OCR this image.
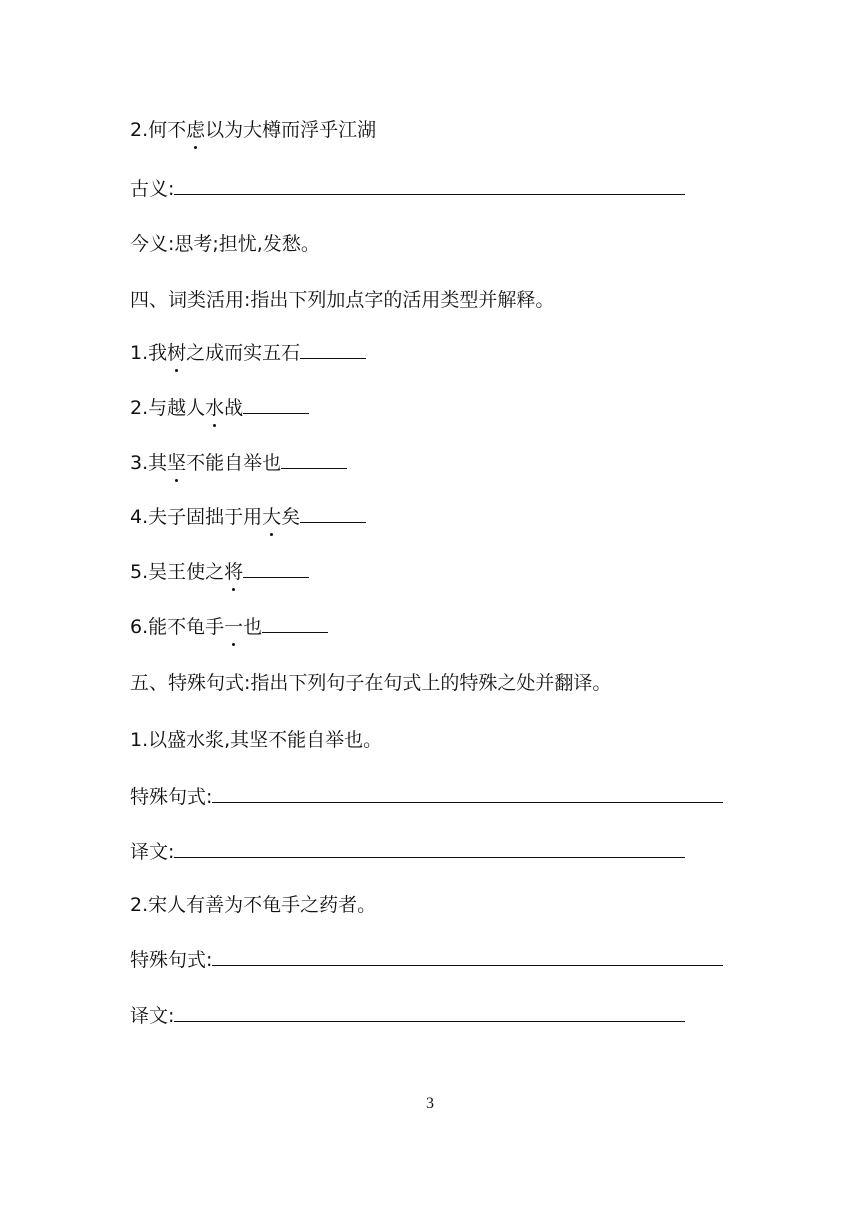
2.何不虑以为大樽而浮乎江湖
古义:
今义:思考;担忧,发愁。
四、词类活用:指出下列加点字的活用类型并解释。
1.我树之成而实五石
2.与越人水战
3.其坚不能自举也
4.夫子固拙于用大矣
5.吴王使之将
6.能不龟手一也
五、特殊句式:指出下列句子在句式上的特殊之处并翻译。
1.以盛水浆,其坚不能自举也。
特殊句式:
译文:
2.宋人有善为不龟手之药者。
特殊句式:
译文:
3
